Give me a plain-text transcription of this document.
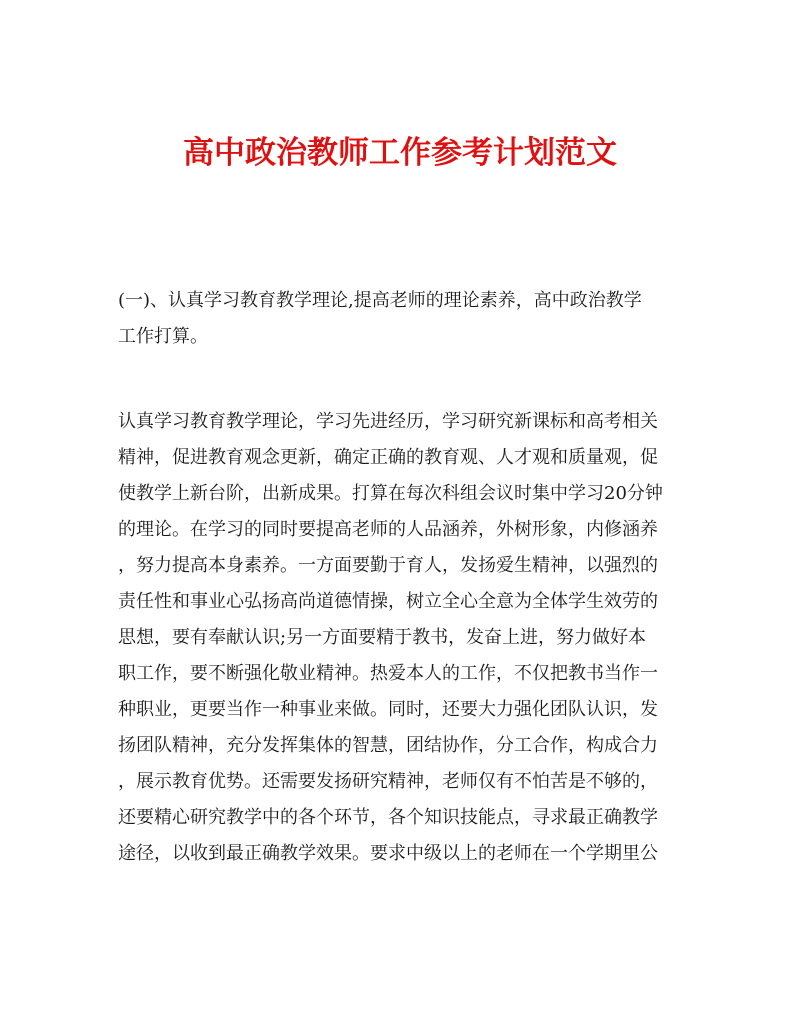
高中政治教师工作参考计划范文
(一)、认真学习教育教学理论,提高老师的理论素养，高中政治教学
工作打算。
认真学习教育教学理论，学习先进经历，学习研究新课标和高考相关
精神，促进教育观念更新，确定正确的教育观、人才观和质量观，促
使教学上新台阶，出新成果。打算在每次科组会议时集中学习20分钟
的理论。在学习的同时要提高老师的人品涵养，外树形象，内修涵养
，努力提高本身素养。一方面要勤于育人，发扬爱生精神，以强烈的
责任性和事业心弘扬高尚道德情操，树立全心全意为全体学生效劳的
思想，要有奉献认识;另一方面要精于教书，发奋上进，努力做好本
职工作，要不断强化敬业精神。热爱本人的工作，不仅把教书当作一
种职业，更要当作一种事业来做。同时，还要大力强化团队认识，发
扬团队精神，充分发挥集体的智慧，团结协作，分工合作，构成合力
，展示教育优势。还需要发扬研究精神，老师仅有不怕苦是不够的，
还要精心研究教学中的各个环节，各个知识技能点，寻求最正确教学
途径，以收到最正确教学效果。要求中级以上的老师在一个学期里公
